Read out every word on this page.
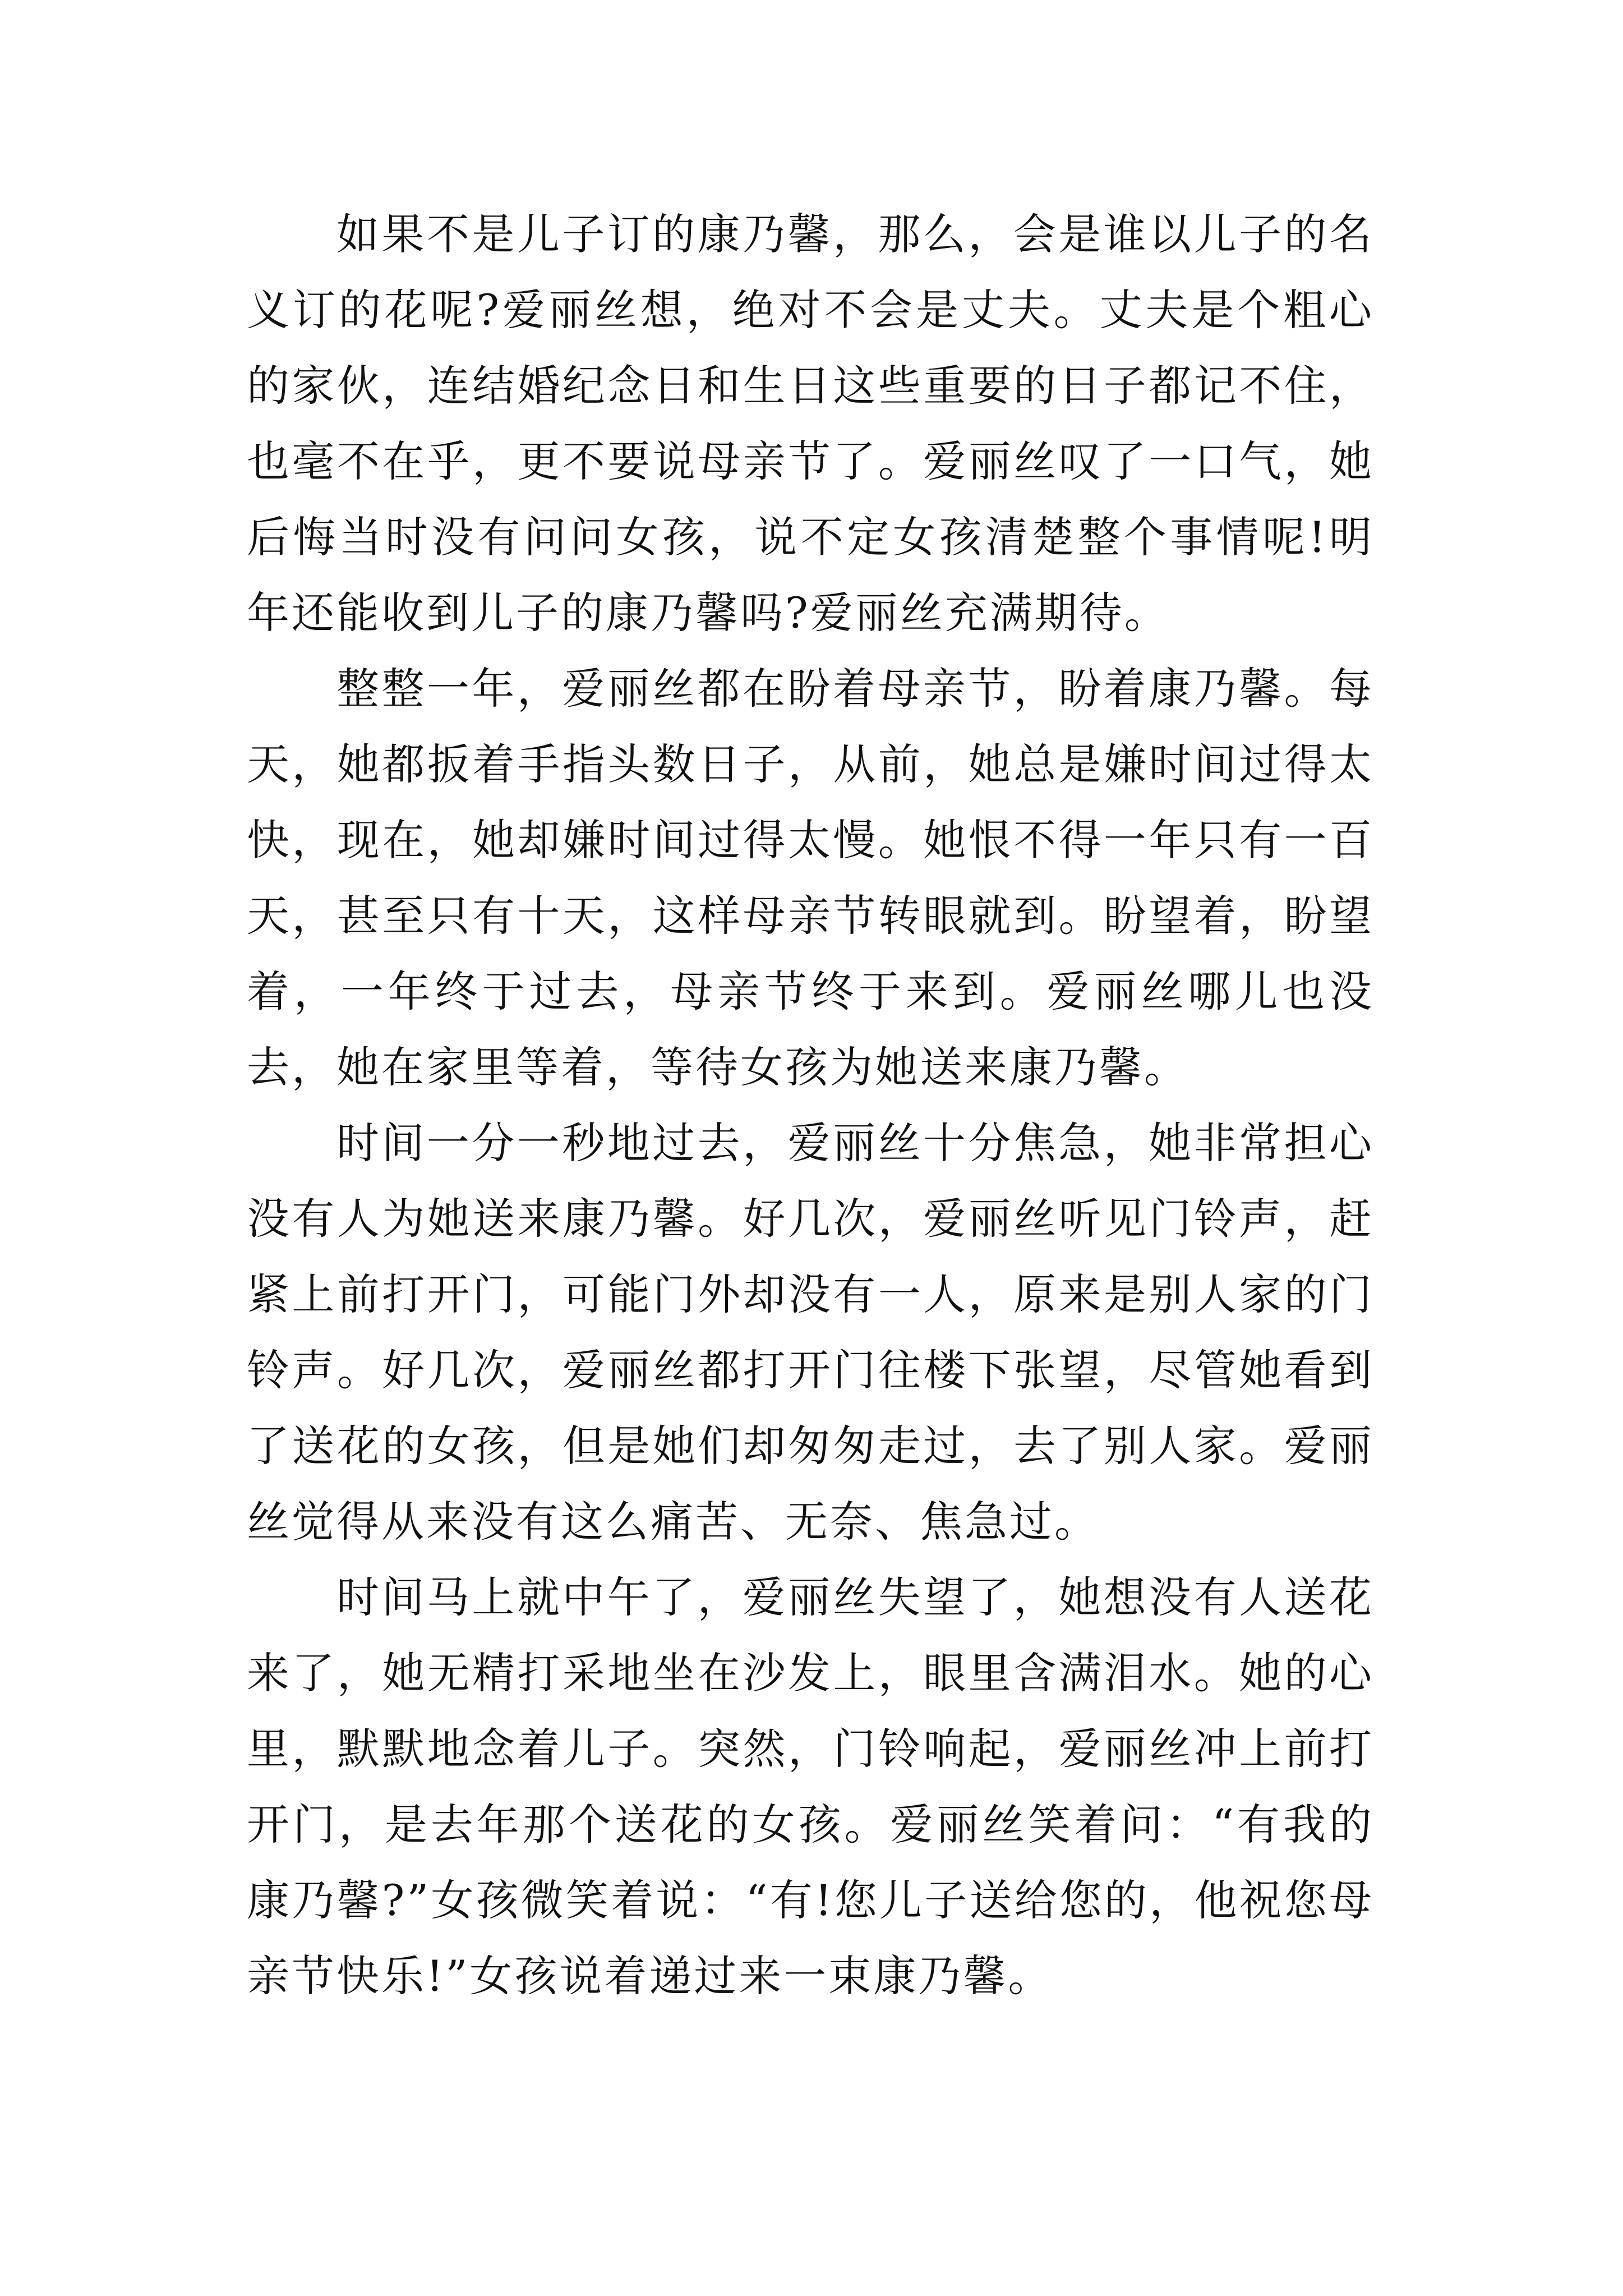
如果不是儿子订的康乃馨，那么，会是谁以儿子的名义订的花呢?爱丽丝想，绝对不会是丈夫。丈夫是个粗心的家伙，连结婚纪念日和生日这些重要的日子都记不住，也毫不在乎，更不要说母亲节了。爱丽丝叹了一口气，她后悔当时没有问问女孩，说不定女孩清楚整个事情呢!明年还能收到儿子的康乃馨吗?爱丽丝充满期待。

整整一年，爱丽丝都在盼着母亲节，盼着康乃馨。每天，她都扳着手指头数日子，从前，她总是嫌时间过得太快，现在，她却嫌时间过得太慢。她恨不得一年只有一百天，甚至只有十天，这样母亲节转眼就到。盼望着，盼望着，一年终于过去，母亲节终于来到。爱丽丝哪儿也没去，她在家里等着，等待女孩为她送来康乃馨。

时间一分一秒地过去，爱丽丝十分焦急，她非常担心没有人为她送来康乃馨。好几次，爱丽丝听见门铃声，赶紧上前打开门，可能门外却没有一人，原来是别人家的门铃声。好几次，爱丽丝都打开门往楼下张望，尽管她看到了送花的女孩，但是她们却匆匆走过，去了别人家。爱丽丝觉得从来没有这么痛苦、无奈、焦急过。

时间马上就中午了，爱丽丝失望了，她想没有人送花来了，她无精打采地坐在沙发上，眼里含满泪水。她的心里，默默地念着儿子。突然，门铃响起，爱丽丝冲上前打开门，是去年那个送花的女孩。爱丽丝笑着问：“有我的康乃馨?”女孩微笑着说：“有!您儿子送给您的，他祝您母亲节快乐!”女孩说着递过来一束康乃馨。
